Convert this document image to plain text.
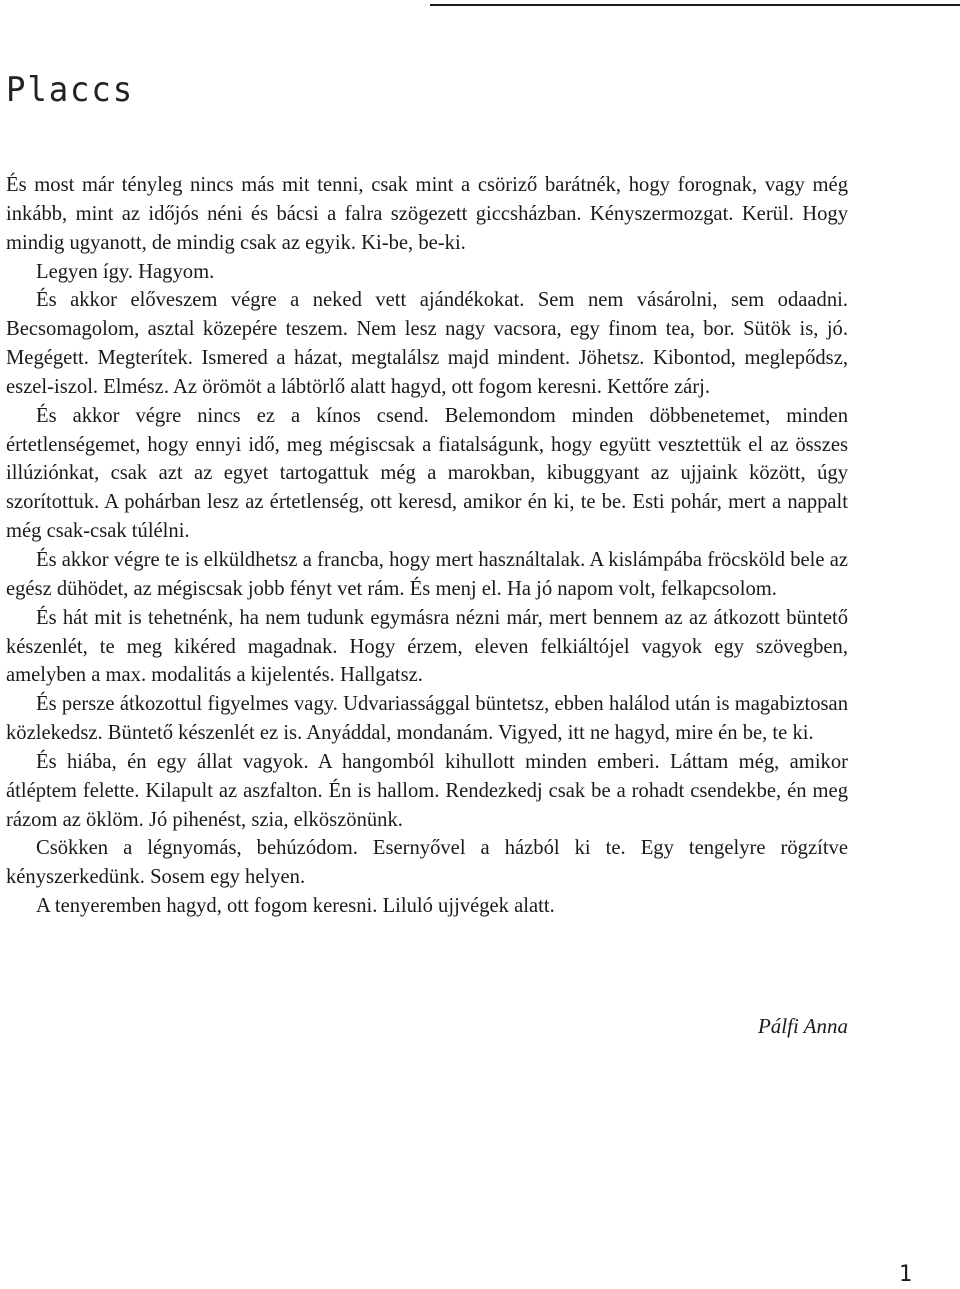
Placcs

És most már tényleg nincs más mit tenni, csak mint a csöriző barátnék, hogy forognak, vagy még inkább, mint az időjós néni és bácsi a falra szögezett giccsházban. Kényszermozgat. Kerül. Hogy mindig ugyanott, de mindig csak az egyik. Ki-be, be-ki.

Legyen így. Hagyom.

És akkor előveszem végre a neked vett ajándékokat. Sem nem vásárolni, sem odaadni. Becsomagolom, asztal közepére teszem. Nem lesz nagy vacsora, egy finom tea, bor. Sütök is, jó. Megégett. Megterítek. Ismered a házat, megtalálsz majd mindent. Jöhetsz. Kibontod, meglepődsz, eszel-iszol. Elmész. Az örömöt a lábtörlő alatt hagyd, ott fogom keresni. Kettőre zárj.

És akkor végre nincs ez a kínos csend. Belemondom minden döbbenetemet, minden értetlenségemet, hogy ennyi idő, meg mégiscsak a fiatalságunk, hogy együtt vesztettük el az összes illúziónkat, csak azt az egyet tartogattuk még a marokban, kibuggyant az ujjaink között, úgy szorítottuk. A pohárban lesz az értetlenség, ott keresd, amikor én ki, te be. Esti pohár, mert a nappalt még csak-csak túlélni.

És akkor végre te is elküldhetsz a francba, hogy mert használtalak. A kislámpába fröcsköld bele az egész dühödet, az mégiscsak jobb fényt vet rám. És menj el. Ha jó napom volt, felkapcsolom.

És hát mit is tehetnénk, ha nem tudunk egymásra nézni már, mert bennem az az átkozott büntető készenlét, te meg kikéred magadnak. Hogy érzem, eleven felkiáltójel vagyok egy szövegben, amelyben a max. modalitás a kijelentés. Hallgatsz.

És persze átkozottul figyelmes vagy. Udvariassággal büntetsz, ebben halálod után is magabiztosan közlekedsz. Büntető készenlét ez is. Anyáddal, mondanám. Vigyed, itt ne hagyd, mire én be, te ki.

És hiába, én egy állat vagyok. A hangomból kihullott minden emberi. Láttam még, amikor átléptem felette. Kilapult az aszfalton. Én is hallom. Rendezkedj csak be a rohadt csendekbe, én meg rázom az öklöm. Jó pihenést, szia, elköszönünk.

Csökken a légnyomás, behúzódom. Esernyővel a házból ki te. Egy tengelyre rögzítve kényszerkedünk. Sosem egy helyen.

A tenyeremben hagyd, ott fogom keresni. Liluló ujjvégek alatt.

Pálfi Anna
1
